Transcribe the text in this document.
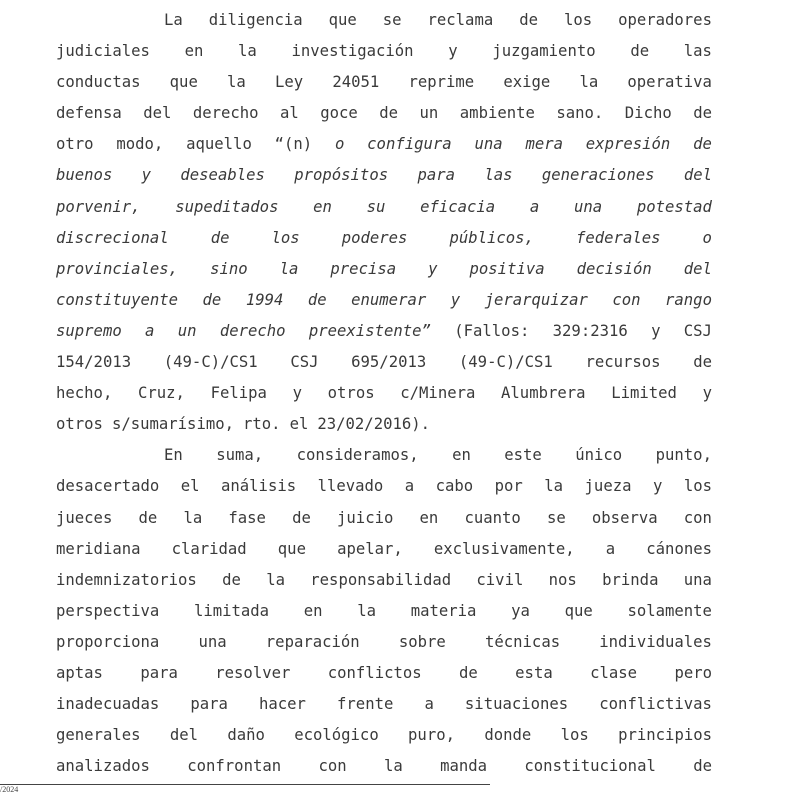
La diligencia que se reclama de los operadores
judiciales en la investigación y juzgamiento de las
conductas que la Ley 24051 reprime exige la operativa
defensa del derecho al goce de un ambiente sano. Dicho de
otro modo, aquello “(n) o configura una mera expresión de
buenos y deseables propósitos para las generaciones del
porvenir, supeditados en su eficacia a una potestad
discrecional	de	los	poderes	públicos,	federales	o
provinciales, sino la precisa y positiva decisión del
constituyente de 1994 de enumerar y jerarquizar con rango
supremo a un derecho preexistente” (Fallos: 329:2316 y CSJ
154/2013 (49-C)/CS1 CSJ 695/2013 (49-C)/CS1 recursos de
hecho, Cruz, Felipa y otros c/Minera Alumbrera Limited y
otros s/sumarísimo, rto. el 23/02/2016).
En suma, consideramos, en este único punto,
desacertado el análisis llevado a cabo por la jueza y los
jueces de la fase de juicio en cuanto se observa con
meridiana claridad que apelar, exclusivamente, a cánones
indemnizatorios de la responsabilidad civil nos brinda una
perspectiva limitada en la materia ya que solamente
proporciona	una	reparación	sobre	técnicas	individuales
aptas para resolver conflictos de esta clase pero
inadecuadas para hacer frente a situaciones conflictivas
generales del daño ecológico puro, donde los principios
analizados confrontan con la manda constitucional de
/2024
